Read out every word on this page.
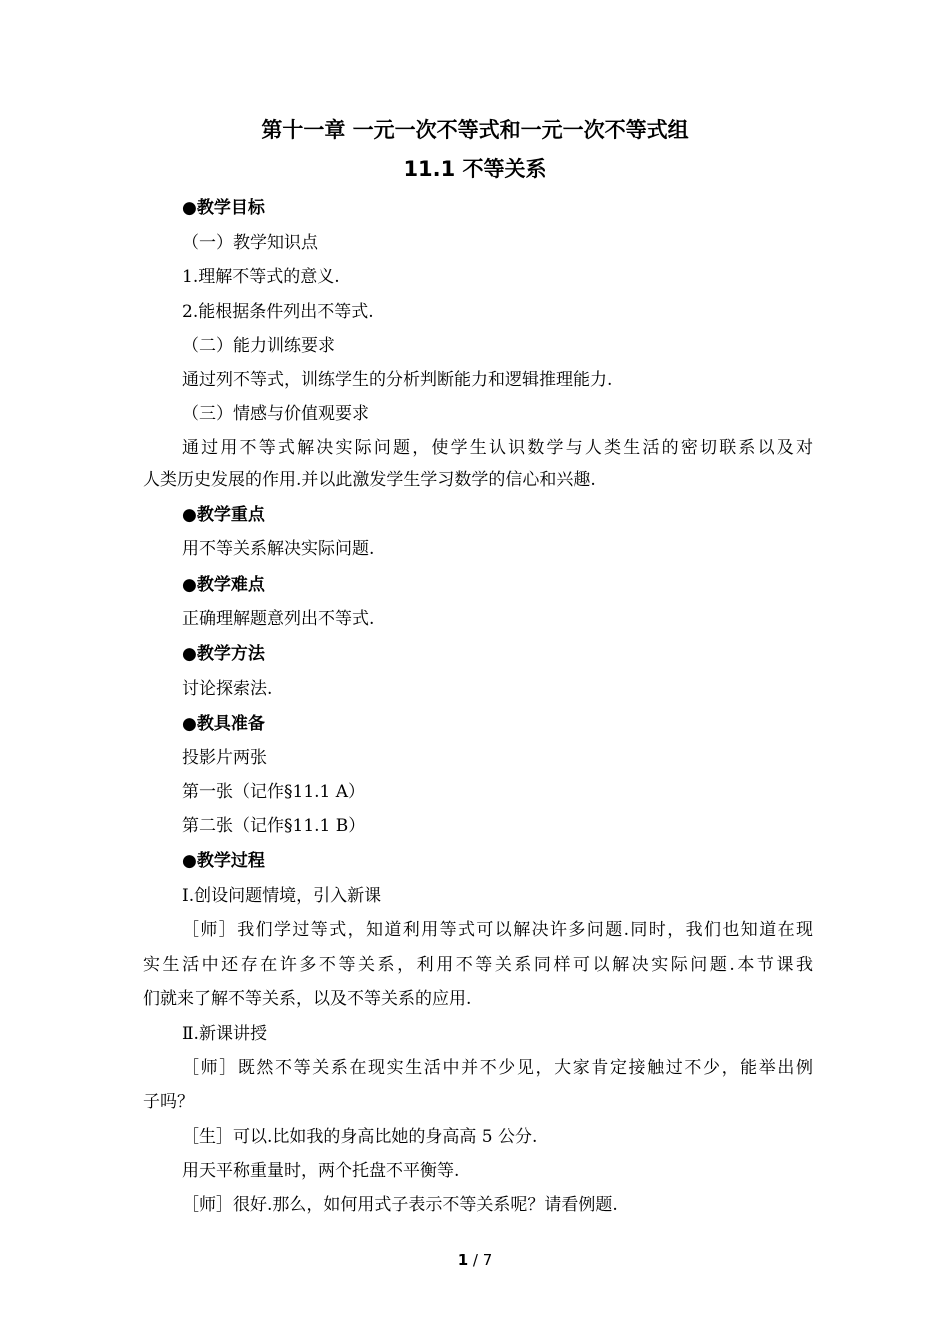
第十一章 一元一次不等式和一元一次不等式组
11.1 不等关系
●教学目标
（一）教学知识点
1.理解不等式的意义.
2.能根据条件列出不等式.
（二）能力训练要求
通过列不等式，训练学生的分析判断能力和逻辑推理能力.
（三）情感与价值观要求
通过用不等式解决实际问题，使学生认识数学与人类生活的密切联系以及对
人类历史发展的作用.并以此激发学生学习数学的信心和兴趣.
●教学重点
用不等关系解决实际问题.
●教学难点
正确理解题意列出不等式.
●教学方法
讨论探索法.
●教具准备
投影片两张
第一张（记作§11.1 A）
第二张（记作§11.1 B）
●教学过程
Ⅰ.创设问题情境，引入新课
［师］我们学过等式，知道利用等式可以解决许多问题.同时，我们也知道在现
实生活中还存在许多不等关系，利用不等关系同样可以解决实际问题.本节课我
们就来了解不等关系，以及不等关系的应用.
Ⅱ.新课讲授
［师］既然不等关系在现实生活中并不少见，大家肯定接触过不少，能举出例
子吗？
［生］可以.比如我的身高比她的身高高 5 公分.
用天平称重量时，两个托盘不平衡等.
［师］很好.那么，如何用式子表示不等关系呢？请看例题.
1 / 7
